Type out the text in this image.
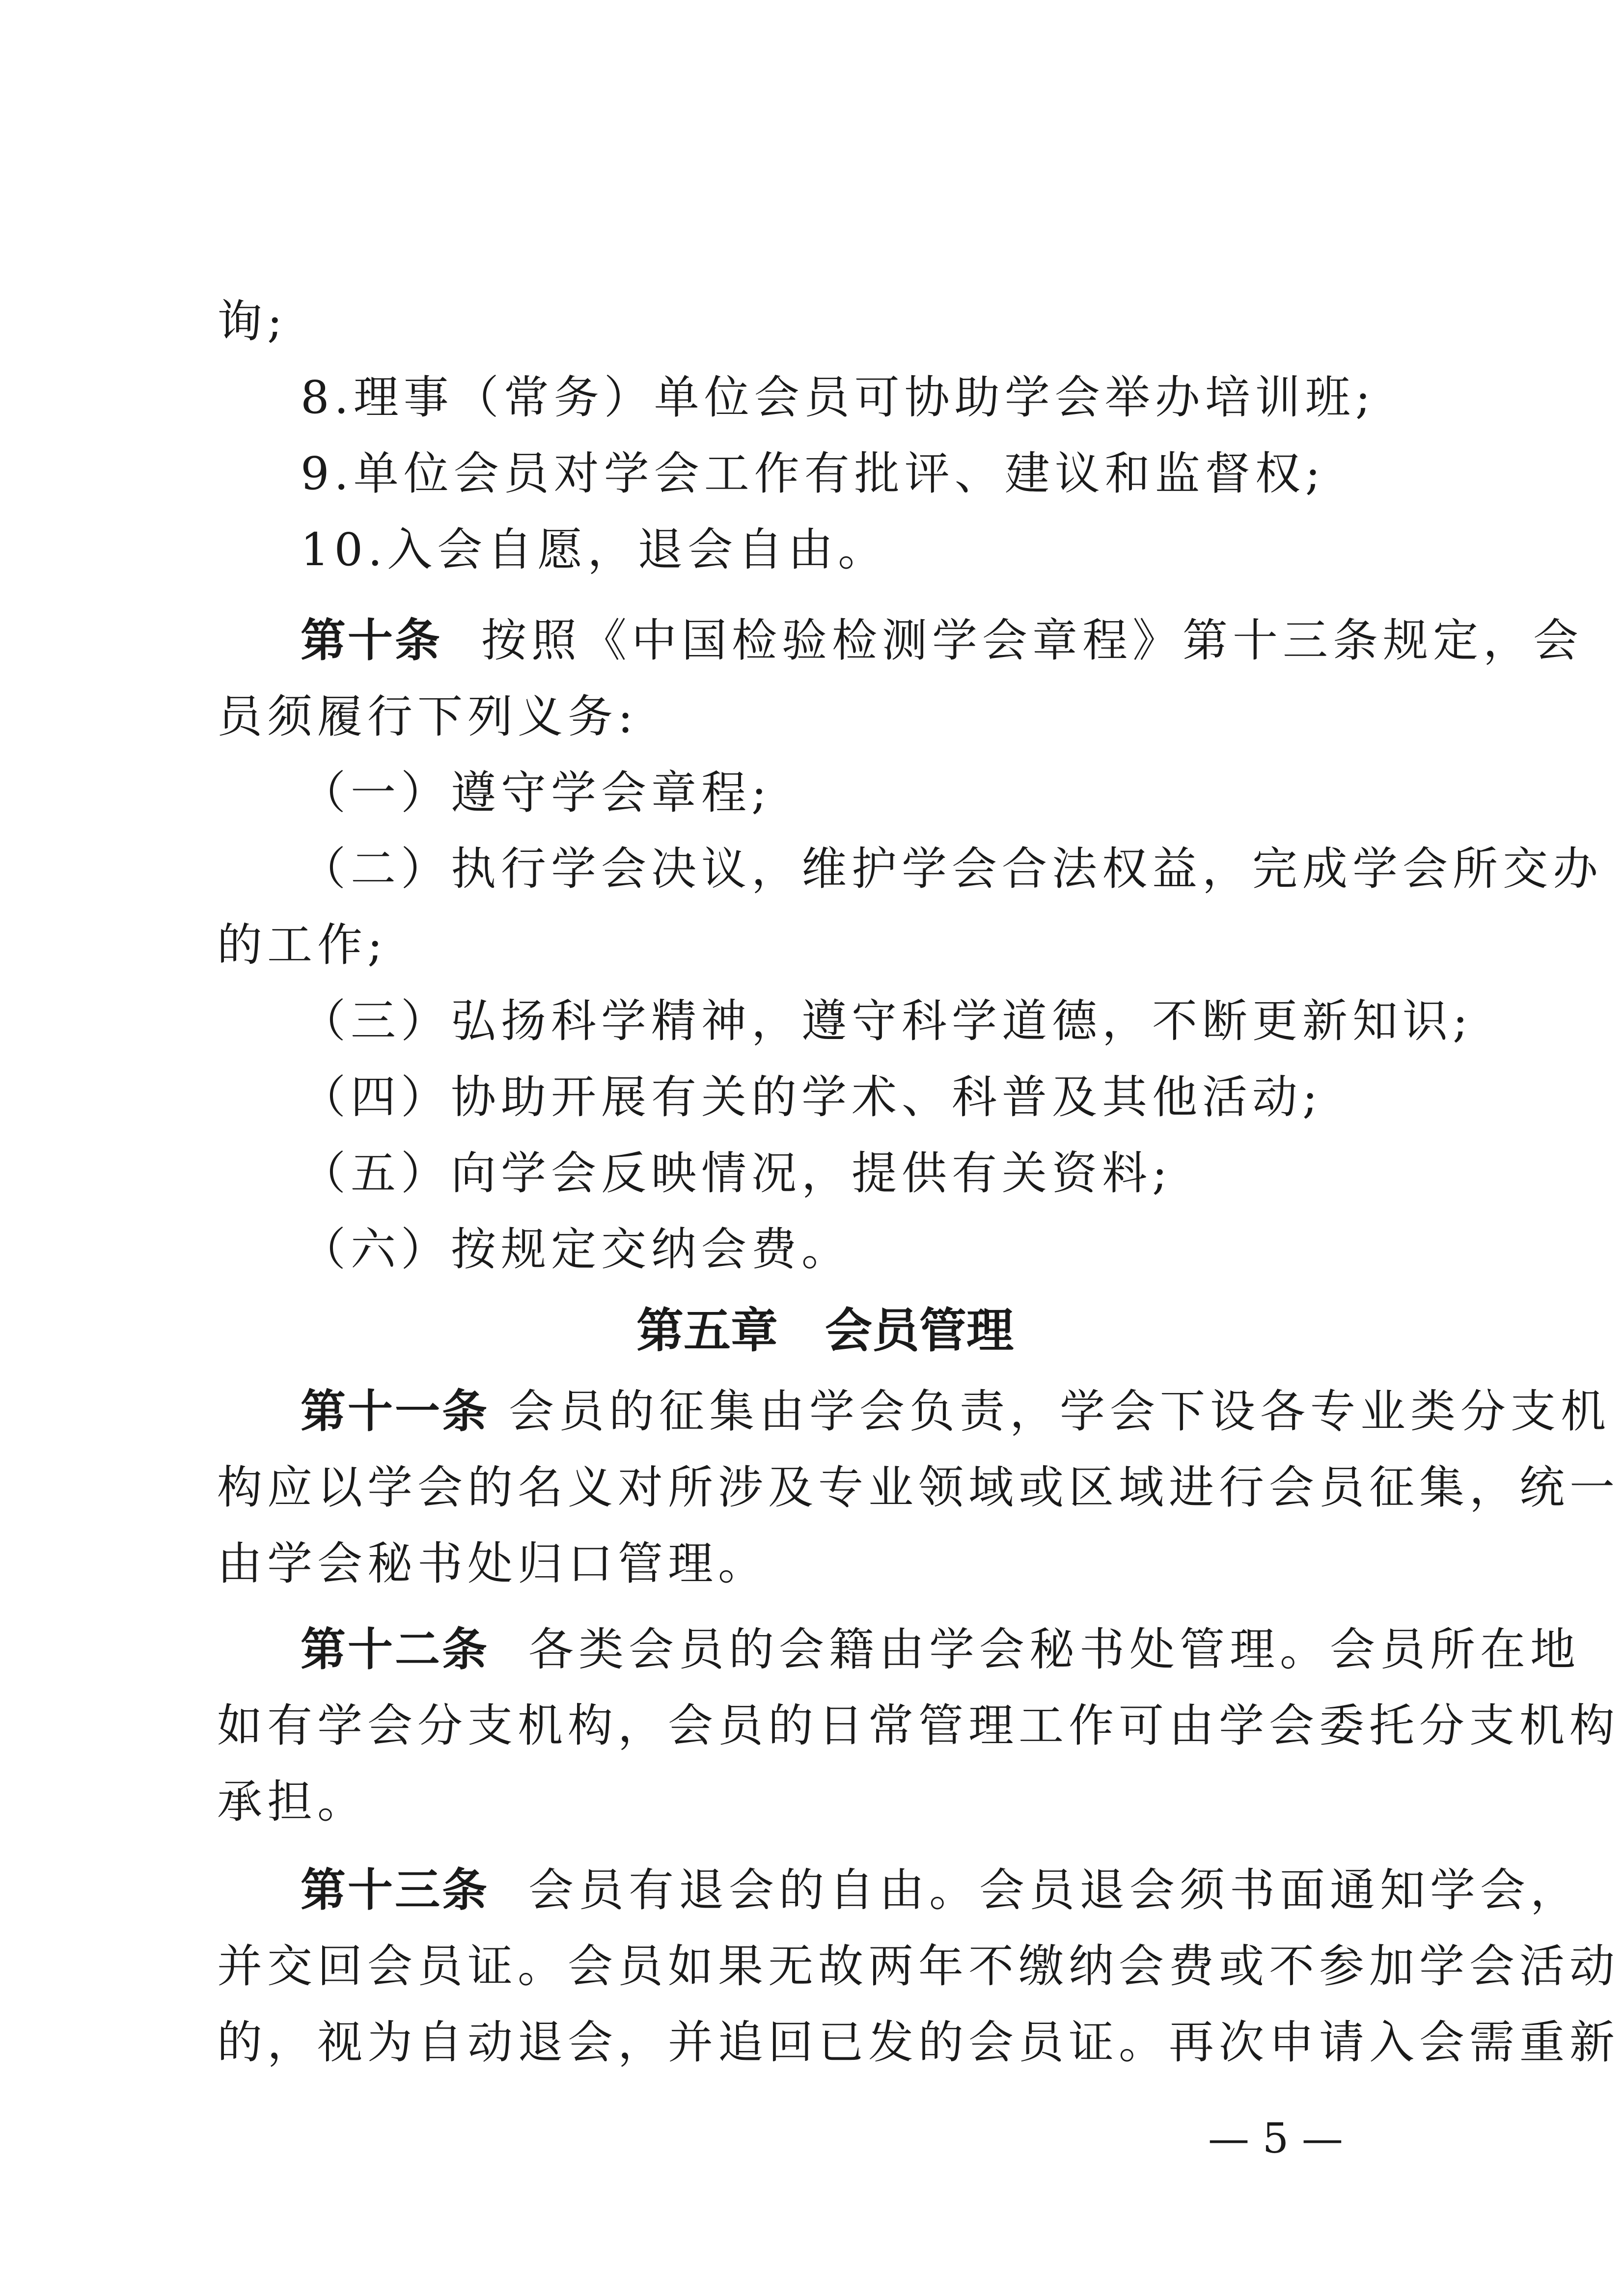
询;
8.理事（常务）单位会员可协助学会举办培训班;
9.单位会员对学会工作有批评、建议和监督权;
10.入会自愿，退会自由。
第十条 按照《中国检验检测学会章程》第十三条规定，会
员须履行下列义务:
（一）遵守学会章程;
（二）执行学会决议，维护学会合法权益，完成学会所交办
的工作;
（三）弘扬科学精神，遵守科学道德，不断更新知识;
（四）协助开展有关的学术、科普及其他活动;
（五）向学会反映情况，提供有关资料;
（六）按规定交纳会费。
第五章　会员管理
第十一条 会员的征集由学会负责，学会下设各专业类分支机
构应以学会的名义对所涉及专业领域或区域进行会员征集，统一
由学会秘书处归口管理。
第十二条 各类会员的会籍由学会秘书处管理。会员所在地
如有学会分支机构，会员的日常管理工作可由学会委托分支机构
承担。
第十三条 会员有退会的自由。会员退会须书面通知学会，
并交回会员证。会员如果无故两年不缴纳会费或不参加学会活动
的，视为自动退会，并追回已发的会员证。再次申请入会需重新
— 5 —
